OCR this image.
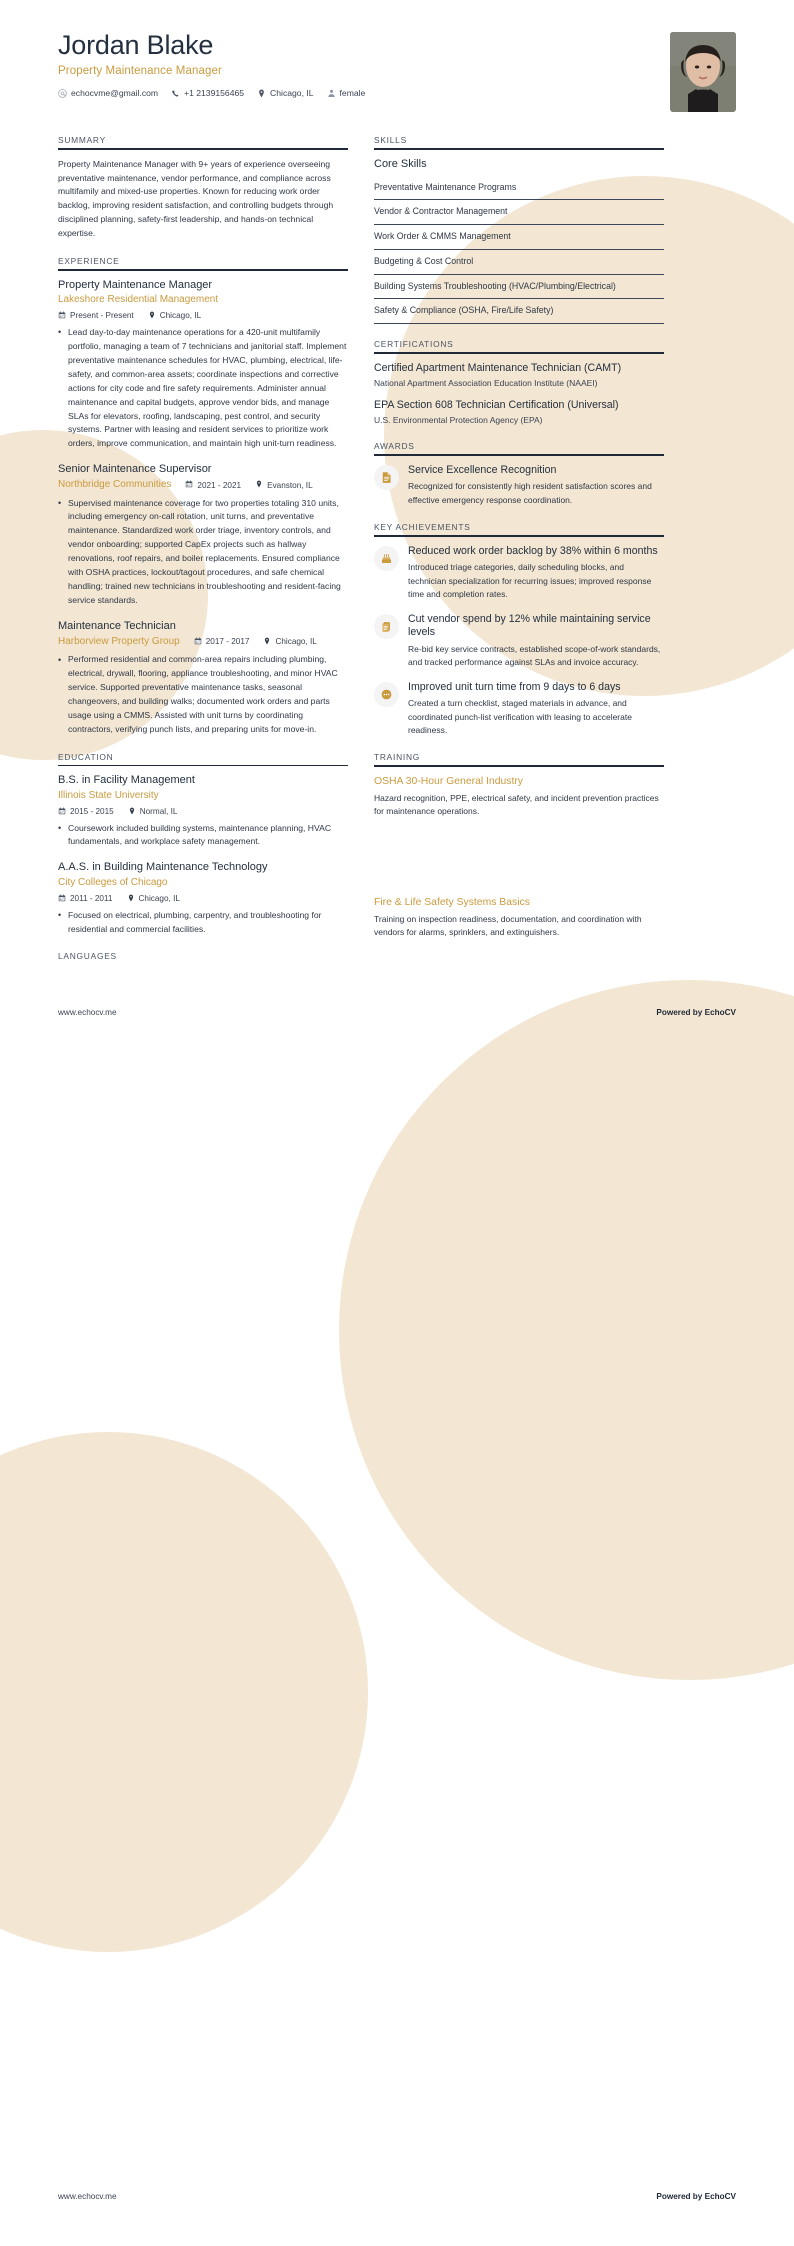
Jordan Blake
Property Maintenance Manager
echocvme@gmail.com	+1 2139156465	Chicago, IL	female
SUMMARY
Property Maintenance Manager with 9+ years of experience overseeing preventative maintenance, vendor performance, and compliance across multifamily and mixed-use properties. Known for reducing work order backlog, improving resident satisfaction, and controlling budgets through disciplined planning, safety-first leadership, and hands-on technical expertise.
EXPERIENCE
Property Maintenance Manager
Lakeshore Residential Management
Present - Present	Chicago, IL
• Lead day-to-day maintenance operations for a 420-unit multifamily portfolio, managing a team of 7 technicians and janitorial staff. Implement preventative maintenance schedules for HVAC, plumbing, electrical, life-safety, and common-area assets; coordinate inspections and corrective actions for city code and fire safety requirements. Administer annual maintenance and capital budgets, approve vendor bids, and manage SLAs for elevators, roofing, landscaping, pest control, and security systems. Partner with leasing and resident services to prioritize work orders, improve communication, and maintain high unit-turn readiness.
Senior Maintenance Supervisor
Northbridge Communities	2021 - 2021	Evanston, IL
• Supervised maintenance coverage for two properties totaling 310 units, including emergency on-call rotation, unit turns, and preventative maintenance. Standardized work order triage, inventory controls, and vendor onboarding; supported CapEx projects such as hallway renovations, roof repairs, and boiler replacements. Ensured compliance with OSHA practices, lockout/tagout procedures, and safe chemical handling; trained new technicians in troubleshooting and resident-facing service standards.
Maintenance Technician
Harborview Property Group	2017 - 2017	Chicago, IL
• Performed residential and common-area repairs including plumbing, electrical, drywall, flooring, appliance troubleshooting, and minor HVAC service. Supported preventative maintenance tasks, seasonal changeovers, and building walks; documented work orders and parts usage using a CMMS. Assisted with unit turns by coordinating contractors, verifying punch lists, and preparing units for move-in.
EDUCATION
B.S. in Facility Management
Illinois State University
2015 - 2015	Normal, IL
• Coursework included building systems, maintenance planning, HVAC fundamentals, and workplace safety management.
A.A.S. in Building Maintenance Technology
City Colleges of Chicago
2011 - 2011	Chicago, IL
• Focused on electrical, plumbing, carpentry, and troubleshooting for residential and commercial facilities.
LANGUAGES
SKILLS
Core Skills
Preventative Maintenance Programs
Vendor & Contractor Management
Work Order & CMMS Management
Budgeting & Cost Control
Building Systems Troubleshooting (HVAC/Plumbing/Electrical)
Safety & Compliance (OSHA, Fire/Life Safety)
CERTIFICATIONS
Certified Apartment Maintenance Technician (CAMT)
National Apartment Association Education Institute (NAAEI)
EPA Section 608 Technician Certification (Universal)
U.S. Environmental Protection Agency (EPA)
AWARDS
Service Excellence Recognition
Recognized for consistently high resident satisfaction scores and effective emergency response coordination.
KEY ACHIEVEMENTS
Reduced work order backlog by 38% within 6 months
Introduced triage categories, daily scheduling blocks, and technician specialization for recurring issues; improved response time and completion rates.
Cut vendor spend by 12% while maintaining service levels
Re-bid key service contracts, established scope-of-work standards, and tracked performance against SLAs and invoice accuracy.
Improved unit turn time from 9 days to 6 days
Created a turn checklist, staged materials in advance, and coordinated punch-list verification with leasing to accelerate readiness.
TRAINING
OSHA 30-Hour General Industry
Hazard recognition, PPE, electrical safety, and incident prevention practices for maintenance operations.
Fire & Life Safety Systems Basics
Training on inspection readiness, documentation, and coordination with vendors for alarms, sprinklers, and extinguishers.
www.echocv.me	Powered by EchoCV
www.echocv.me	Powered by EchoCV
